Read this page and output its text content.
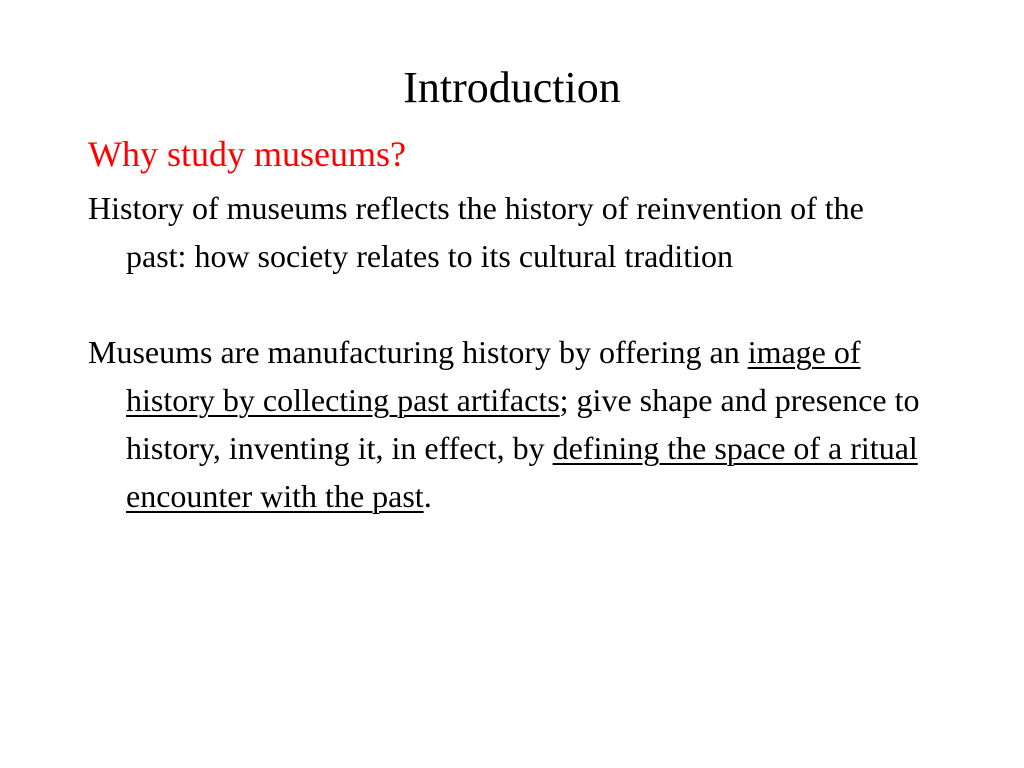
Introduction
Why study museums?

History of museums reflects the history of reinvention of the past: how society relates to its cultural tradition

Museums are manufacturing history by offering an image of history by collecting past artifacts; give shape and presence to history, inventing it, in effect, by defining the space of a ritual encounter with the past.
